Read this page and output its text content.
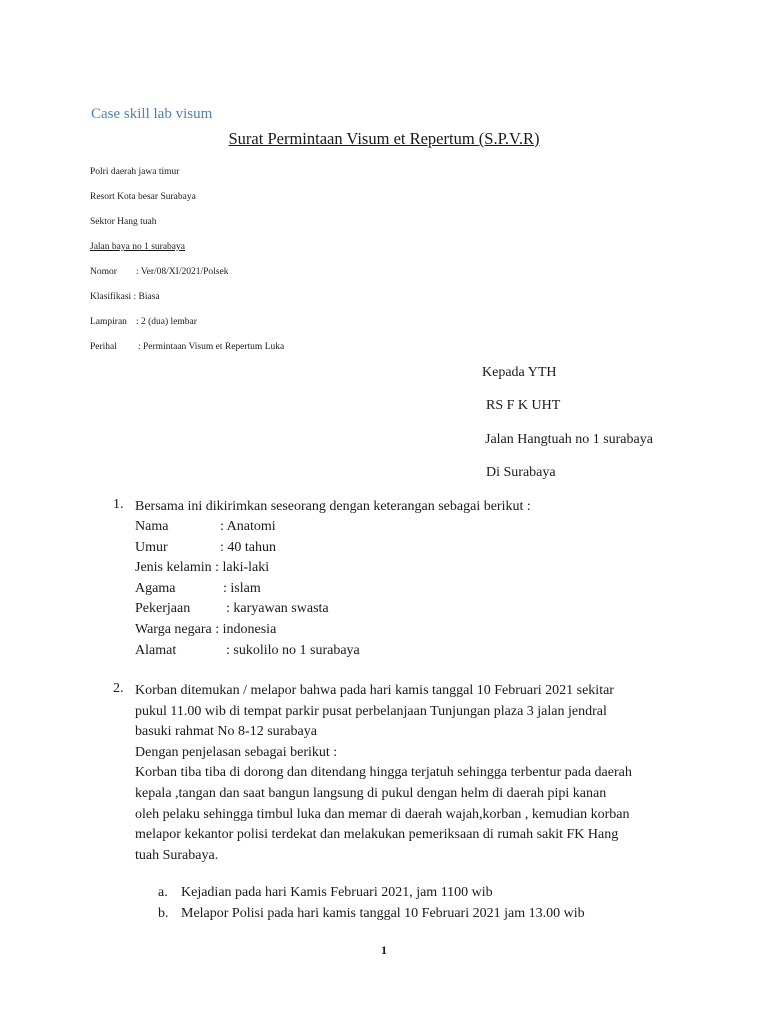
Case skill lab visum
Surat Permintaan Visum et Repertum (S.P.V.R)
Polri daerah jawa timur
Resort Kota besar Surabaya
Sektor Hang tuah
Jalan baya no 1 surabaya
Nomor : Ver/08/XI/2021/Polsek
Klasifikasi : Biasa
Lampiran : 2 (dua) lembar
Perihal : Permintaan Visum et Repertum Luka
Kepada YTH
RS F K UHT
Jalan Hangtuah no 1 surabaya
Di Surabaya
1. Bersama ini dikirimkan seseorang dengan keterangan sebagai berikut :
Nama	: Anatomi
Umur	: 40 tahun
Jenis kelamin
: laki-laki
Agama	: islam
Pekerjaan	: karyawan swasta
Warga negara
: indonesia
Alamat	: sukolilo no 1 surabaya
2. Korban ditemukan / melapor bahwa pada hari kamis tanggal 10 Februari 2021 sekitar
pukul 11.00 wib di tempat parkir pusat perbelanjaan Tunjungan plaza 3 jalan jendral
basuki rahmat No 8-12 surabaya
Dengan penjelasan sebagai berikut :
Korban tiba tiba di dorong dan ditendang hingga terjatuh sehingga terbentur pada daerah
kepala ,tangan dan saat bangun langsung di pukul dengan helm di daerah pipi kanan
oleh pelaku sehingga timbul luka dan memar di daerah wajah,korban , kemudian korban
melapor kekantor polisi terdekat dan melakukan pemeriksaan di rumah sakit FK Hang
tuah Surabaya.
a. Kejadian pada hari Kamis Februari 2021, jam 1100 wib
b. Melapor Polisi pada hari kamis tanggal 10 Februari 2021 jam 13.00 wib
1
